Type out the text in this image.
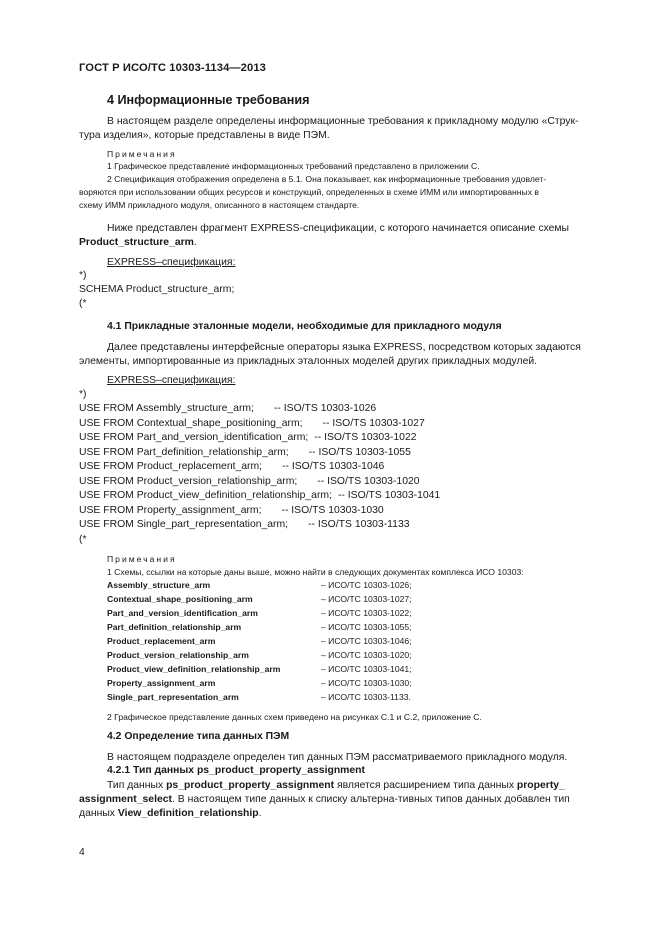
ГОСТ Р ИСО/ТС 10303-1134—2013
4 Информационные требования
В настоящем разделе определены информационные требования к прикладному модулю «Струк-
тура изделия», которые представлены в виде ПЭМ.
Примечания
1 Графическое представление информационных требований представлено в приложении С.
2 Спецификация отображения определена в 5.1. Она показывает, как информационные требования удовлет-
воряются при использовании общих ресурсов и конструкций, определенных в схеме ИММ или импортированных в
схему ИММ прикладного модуля, описанного в настоящем стандарте.
Ниже представлен фрагмент EXPRESS-спецификации, с которого начинается описание схемы
Product_structure_arm.
EXPRESS–спецификация:
*)
SCHEMA Product_structure_arm;
(*
4.1 Прикладные эталонные модели, необходимые для прикладного модуля
Далее представлены интерфейсные операторы языка EXPRESS, посредством которых задаются
элементы, импортированные из прикладных эталонных моделей других прикладных модулей.
EXPRESS–спецификация:
*)
USE FROM Assembly_structure_arm; -- ISO/TS 10303-1026
USE FROM Contextual_shape_positioning_arm; -- ISO/TS 10303-1027
USE FROM Part_and_version_identification_arm; -- ISO/TS 10303-1022
USE FROM Part_definition_relationship_arm; -- ISO/TS 10303-1055
USE FROM Product_replacement_arm; -- ISO/TS 10303-1046
USE FROM Product_version_relationship_arm; -- ISO/TS 10303-1020
USE FROM Product_view_definition_relationship_arm; -- ISO/TS 10303-1041
USE FROM Property_assignment_arm; -- ISO/TS 10303-1030
USE FROM Single_part_representation_arm; -- ISO/TS 10303-1133
(*
Примечания
1 Схемы, ссылки на которые даны выше, можно найти в следующих документах комплекса ИСО 10303:
Assembly_structure_arm	– ИСО/ТС 10303-1026;
Contextual_shape_positioning_arm	– ИСО/ТС 10303-1027;
Part_and_version_identification_arm	– ИСО/ТС 10303-1022;
Part_definition_relationship_arm	– ИСО/ТС 10303-1055;
Product_replacement_arm	– ИСО/ТС 10303-1046;
Product_version_relationship_arm	– ИСО/ТС 10303-1020;
Product_view_definition_relationship_arm	– ИСО/ТС 10303-1041;
Property_assignment_arm	– ИСО/ТС 10303-1030;
Single_part_representation_arm	– ИСО/ТС 10303-1133.
2 Графическое представление данных схем приведено на рисунках С.1 и С.2, приложение С.
4.2 Определение типа данных ПЭМ
В настоящем подразделе определен тип данных ПЭМ рассматриваемого прикладного модуля.
4.2.1 Тип данных ps_product_property_assignment
Тип данных ps_product_property_assignment является расширением типа данных property_
assignment_select. В настоящем типе данных к списку альтерна-тивных типов данных добавлен тип
данных View_definition_relationship.
4
